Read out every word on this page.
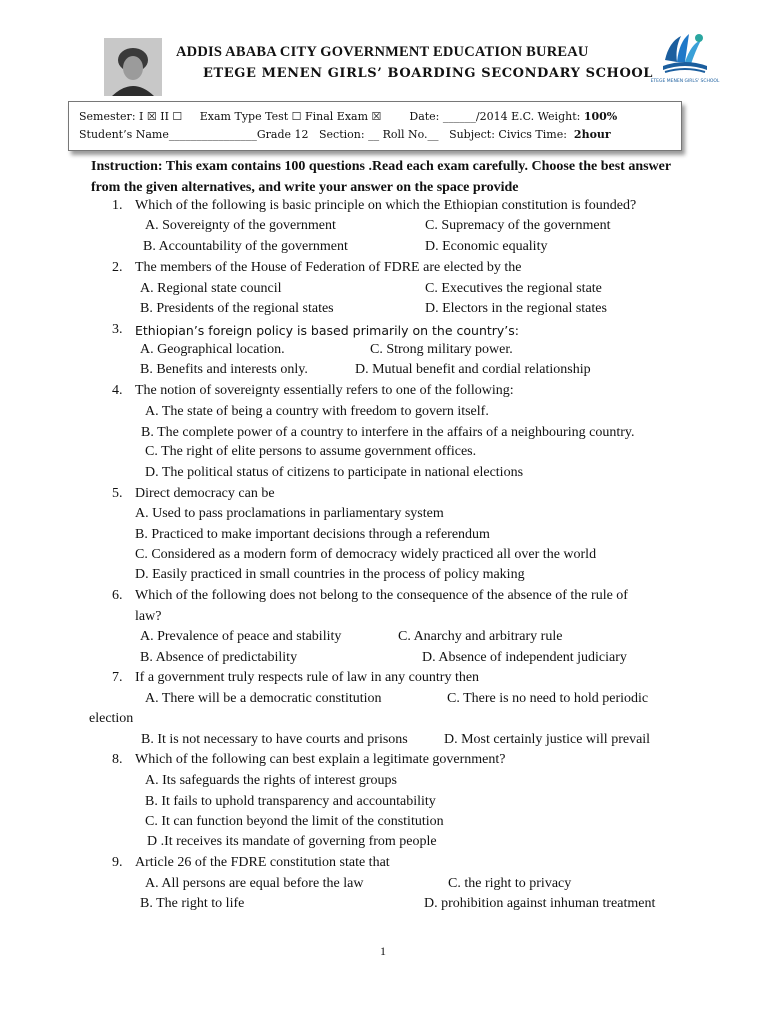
ETEGE MENEN GIRLS' SCHOOL
ADDIS ABABA CITY GOVERNMENT EDUCATION BUREAU
ETEGE MENEN GIRLS’ BOARDING SECONDARY SCHOOL
Semester: I ☒ II ☐ Exam Type Test ☐ Final Exam ☒	Date: ______/2014 E.C. Weight: 100%
Student’s Name________________Grade 12 Section: __ Roll No.__ Subject: Civics Time: 2hour
Instruction: This exam contains 100 questions .Read each exam carefully. Choose the best answer from the given alternatives, and write your answer on the space provide
1. Which of the following is basic principle on which the Ethiopian constitution is founded?
A. Sovereignty of the government	C. Supremacy of the government
B. Accountability of the government	D. Economic equality
2. The members of the House of Federation of FDRE are elected by the
A. Regional state council	C. Executives the regional state
B. Presidents of the regional states	D. Electors in the regional states
3. Ethiopian’s foreign policy is based primarily on the country’s:
A. Geographical location.	C. Strong military power.
B. Benefits and interests only.	D. Mutual benefit and cordial relationship
4. The notion of sovereignty essentially refers to one of the following:
A. The state of being a country with freedom to govern itself.
B. The complete power of a country to interfere in the affairs of a neighbouring country.
C. The right of elite persons to assume government offices.
D. The political status of citizens to participate in national elections
5. Direct democracy can be
A. Used to pass proclamations in parliamentary system
B. Practiced to make important decisions through a referendum
C. Considered as a modern form of democracy widely practiced all over the world
D. Easily practiced in small countries in the process of policy making
6. Which of the following does not belong to the consequence of the absence of the rule of
law?
A. Prevalence of peace and stability	C. Anarchy and arbitrary rule
B. Absence of predictability	D. Absence of independent judiciary
7. If a government truly respects rule of law in any country then
A. There will be a democratic constitution	C. There is no need to hold periodic
election
B. It is not necessary to have courts and prisons	D. Most certainly justice will prevail
8. Which of the following can best explain a legitimate government?
A. Its safeguards the rights of interest groups
B. It fails to uphold transparency and accountability
C. It can function beyond the limit of the constitution
D .It receives its mandate of governing from people
9. Article 26 of the FDRE constitution state that
A. All persons are equal before the law	C. the right to privacy
B. The right to life	D. prohibition against inhuman treatment
1
